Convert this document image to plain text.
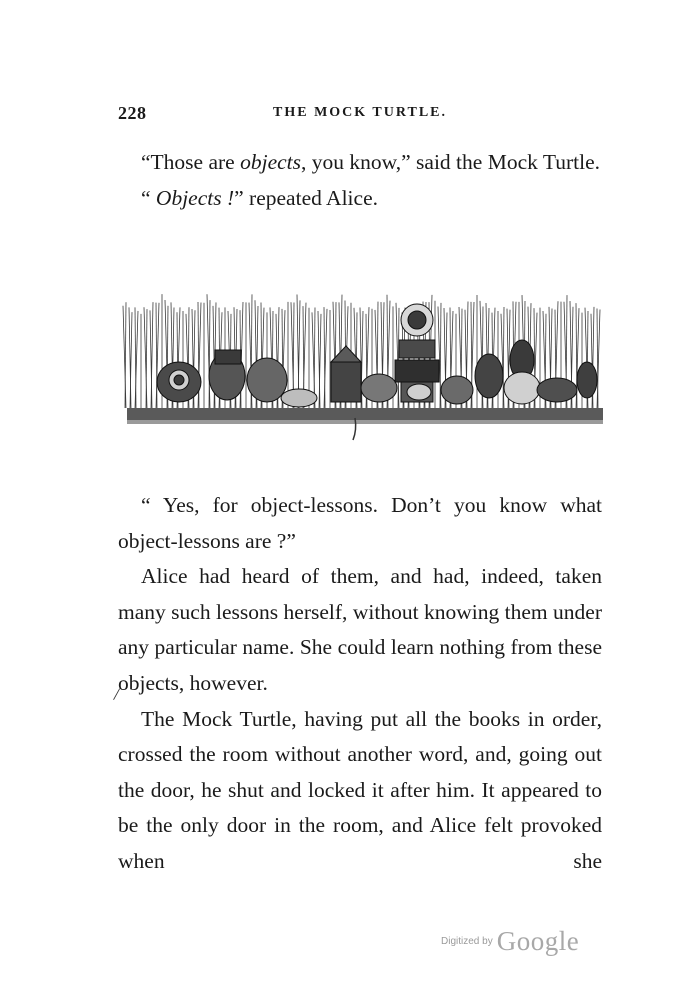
228	THE MOCK TURTLE.

“Those are objects, you know,” said the Mock Turtle.

“ Objects !” repeated Alice.

“ Yes, for object-lessons. Don’t you know what object-lessons are ?”

Alice had heard of them, and had, indeed, taken many such lessons herself, without knowing them under any particular name. She could learn nothing from these objects, however.

The Mock Turtle, having put all the books in order, crossed the room without another word, and, going out the door, he shut and locked it after him. It appeared to be the only door in the room, and Alice felt provoked when she

/
Digitized by Google
